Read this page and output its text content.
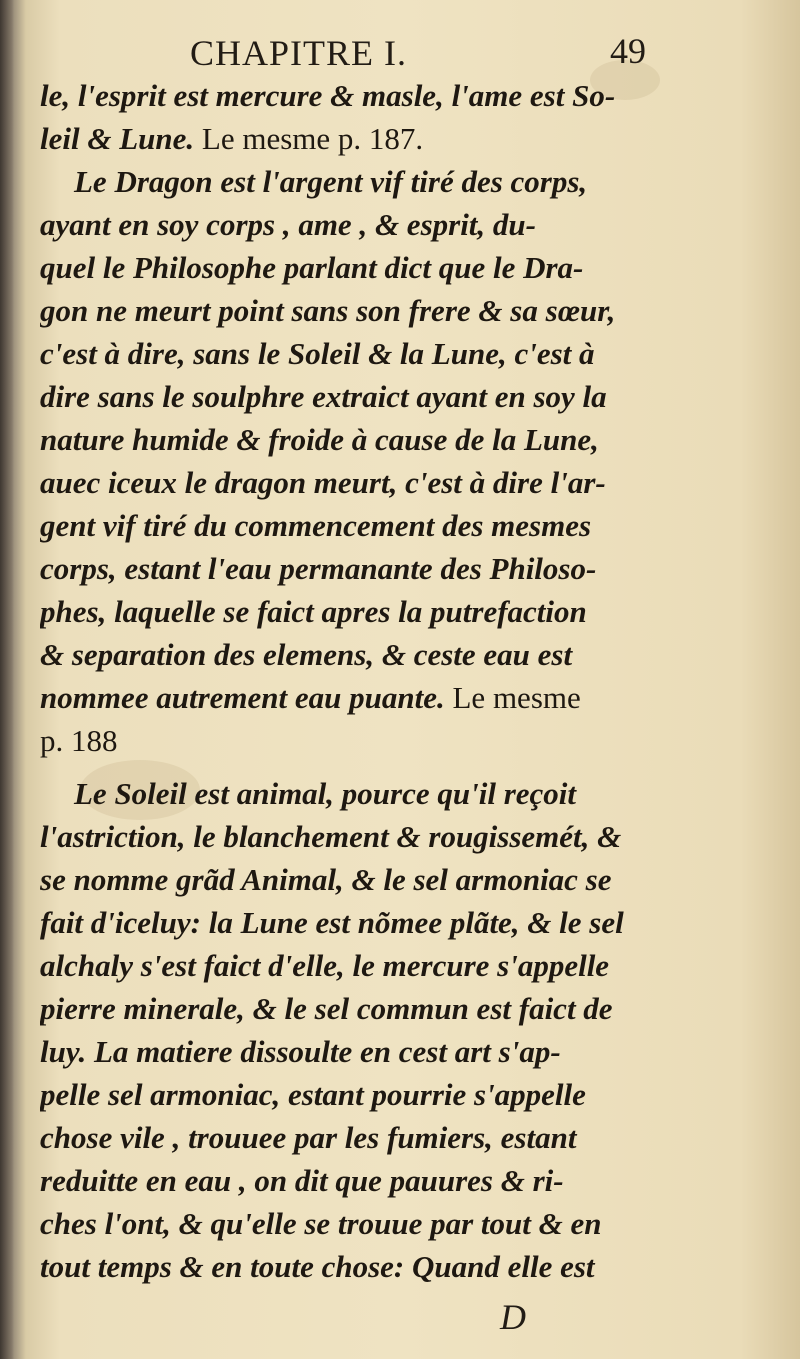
CHAPITRE I.	49
le, l'esprit est mercure & masle, l'ame est So-
leil & Lune. Le mesme p. 187.
Le Dragon est l'argent vif tiré des corps,
ayant en soy corps , ame , & esprit, du-
quel le Philosophe parlant dict que le Dra-
gon ne meurt point sans son frere & sa sœur,
c'est à dire, sans le Soleil & la Lune, c'est à
dire sans le soulphre extraict ayant en soy la
nature humide & froide à cause de la Lune,
auec iceux le dragon meurt, c'est à dire l'ar-
gent vif tiré du commencement des mesmes
corps, estant l'eau permanante des Philoso-
phes, laquelle se faict apres la putrefaction
& separation des elemens, & ceste eau est
nommee autrement eau puante. Le mesme
p. 188
Le Soleil est animal, pource qu'il reçoit
l'astriction, le blanchement & rougissemét, &
se nomme grãd Animal, & le sel armoniac se
fait d'iceluy: la Lune est nõmee plãte, & le sel
alchaly s'est faict d'elle, le mercure s'appelle
pierre minerale, & le sel commun est faict de
luy. La matiere dissoulte en cest art s'ap-
pelle sel armoniac, estant pourrie s'appelle
chose vile , trouuee par les fumiers, estant
reduitte en eau , on dit que pauures & ri-
ches l'ont, & qu'elle se trouue par tout & en
tout temps & en toute chose: Quand elle est
D
